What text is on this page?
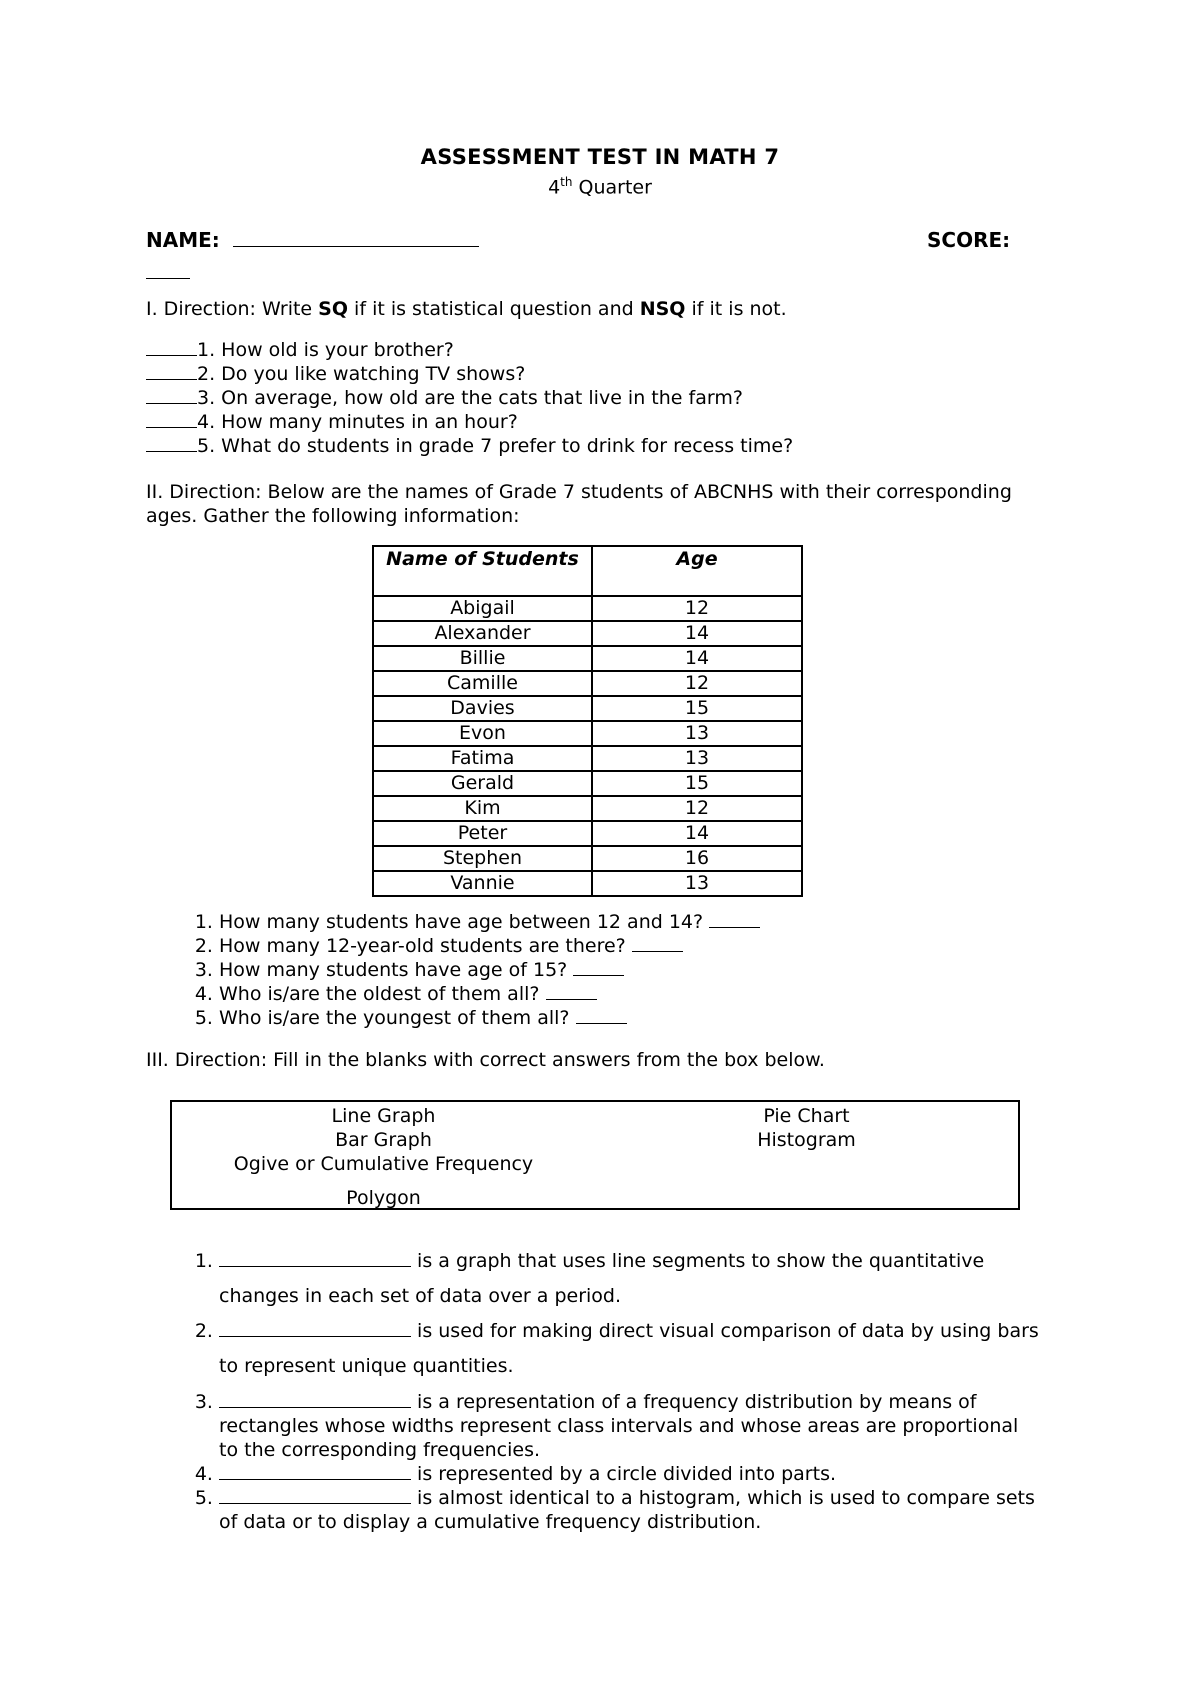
ASSESSMENT TEST IN MATH 7
4th Quarter
NAME:	SCORE:
I. Direction: Write SQ if it is statistical question and NSQ if it is not.
1. How old is your brother?
2. Do you like watching TV shows?
3. On average, how old are the cats that live in the farm?
4. How many minutes in an hour?
5. What do students in grade 7 prefer to drink for recess time?
II. Direction: Below are the names of Grade 7 students of ABCNHS with their corresponding ages. Gather the following information:
Name of Students	Age
Abigail	12
Alexander	14
Billie	14
Camille	12
Davies	15
Evon	13
Fatima	13
Gerald	15
Kim	12
Peter	14
Stephen	16
Vannie	13
1. How many students have age between 12 and 14?
2. How many 12-year-old students are there?
3. How many students have age of 15?
4. Who is/are the oldest of them all?
5. Who is/are the youngest of them all?
III. Direction: Fill in the blanks with correct answers from the box below.
Line Graph
Bar Graph
Ogive or Cumulative Frequency
Polygon
Pie Chart
Histogram
1. is a graph that uses line segments to show the quantitative changes in each set of data over a period.
2. is used for making direct visual comparison of data by using bars to represent unique quantities.
3. is a representation of a frequency distribution by means of rectangles whose widths represent class intervals and whose areas are proportional to the corresponding frequencies.
4. is represented by a circle divided into parts.
5. is almost identical to a histogram, which is used to compare sets of data or to display a cumulative frequency distribution.
